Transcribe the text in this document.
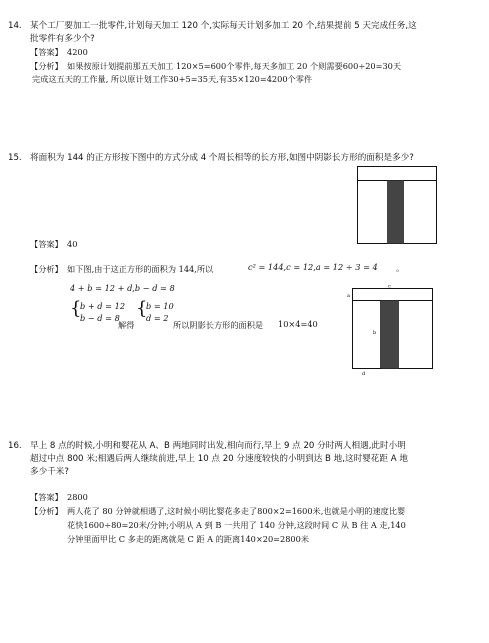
14. 某个工厂要加工一批零件,计划每天加工 120 个,实际每天计划多加工 20 个,结果提前 5 天完成任务,这
批零件有多少个?
【答案】 4200
【分析】 如果按原计划提前那五天加工 120×5=600个零件,每天多加工 20 个则需要600÷20=30天
完成这五天的工作量, 所以原计划工作30+5=35天,有35×120=4200个零件
15. 将面积为 144 的正方形按下图中的方式分成 4 个周长相等的长方形,如图中阴影长方形的面积是多少?
【答案】 40
【分析】 如下图,由于这正方形的面积为 144,所以	c² = 144,c = 12,a = 12 ÷ 3 = 4 。
4 + b = 12 + d,b − d = 8
{
b + d = 12
b − d = 8
解得
{
b = 10
d = 2
所以阴影长方形的面积是 10×4=40
c
a
b
d
16. 早上 8 点的时候,小明和婴花从 A、B 两地同时出发,相向而行,早上 9 点 20 分时两人相遇,此时小明
超过中点 800 米;相遇后两人继续前进,早上 10 点 20 分速度较快的小明到达 B 地,这时婴花距 A 地
多少千米?
【答案】 2800
【分析】 两人花了 80 分钟就相遇了,这时候小明比婴花多走了800×2=1600米,也就是小明的速度比婴
花快1600÷80=20米/分钟;小明从 A 到 B 一共用了 140 分钟,这段时间 C 从 B 往 A 走,140
分钟里面甲比 C 多走的距离就是 C 距 A 的距离140×20=2800米
